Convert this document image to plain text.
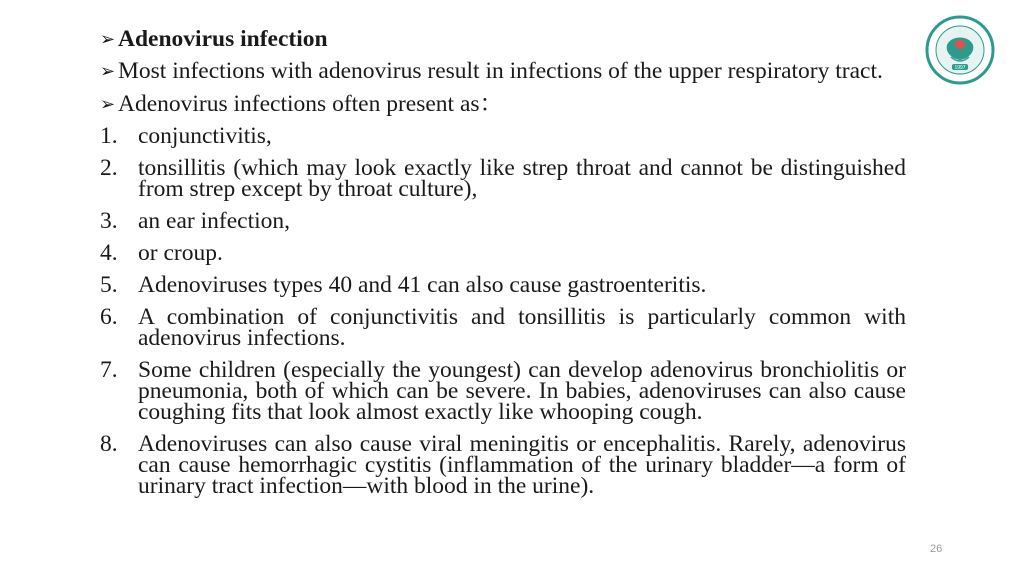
➢ Adenovirus infection
➢ Most infections with adenovirus result in infections of the upper respiratory tract.
➢ Adenovirus infections often present as：
1. conjunctivitis,
2. tonsillitis (which may look exactly like strep throat and cannot be distinguished from strep except by throat culture),
3. an ear infection,
4. or croup.
5. Adenoviruses types 40 and 41 can also cause gastroenteritis.
6. A combination of conjunctivitis and tonsillitis is particularly common with adenovirus infections.
7. Some children (especially the youngest) can develop adenovirus bronchiolitis or pneumonia, both of which can be severe. In babies, adenoviruses can also cause coughing fits that look almost exactly like whooping cough.
8. Adenoviruses can also cause viral meningitis or encephalitis. Rarely, adenovirus can cause hemorrhagic cystitis (inflammation of the urinary bladder—a form of urinary tract infection—with blood in the urine).
1997
26
